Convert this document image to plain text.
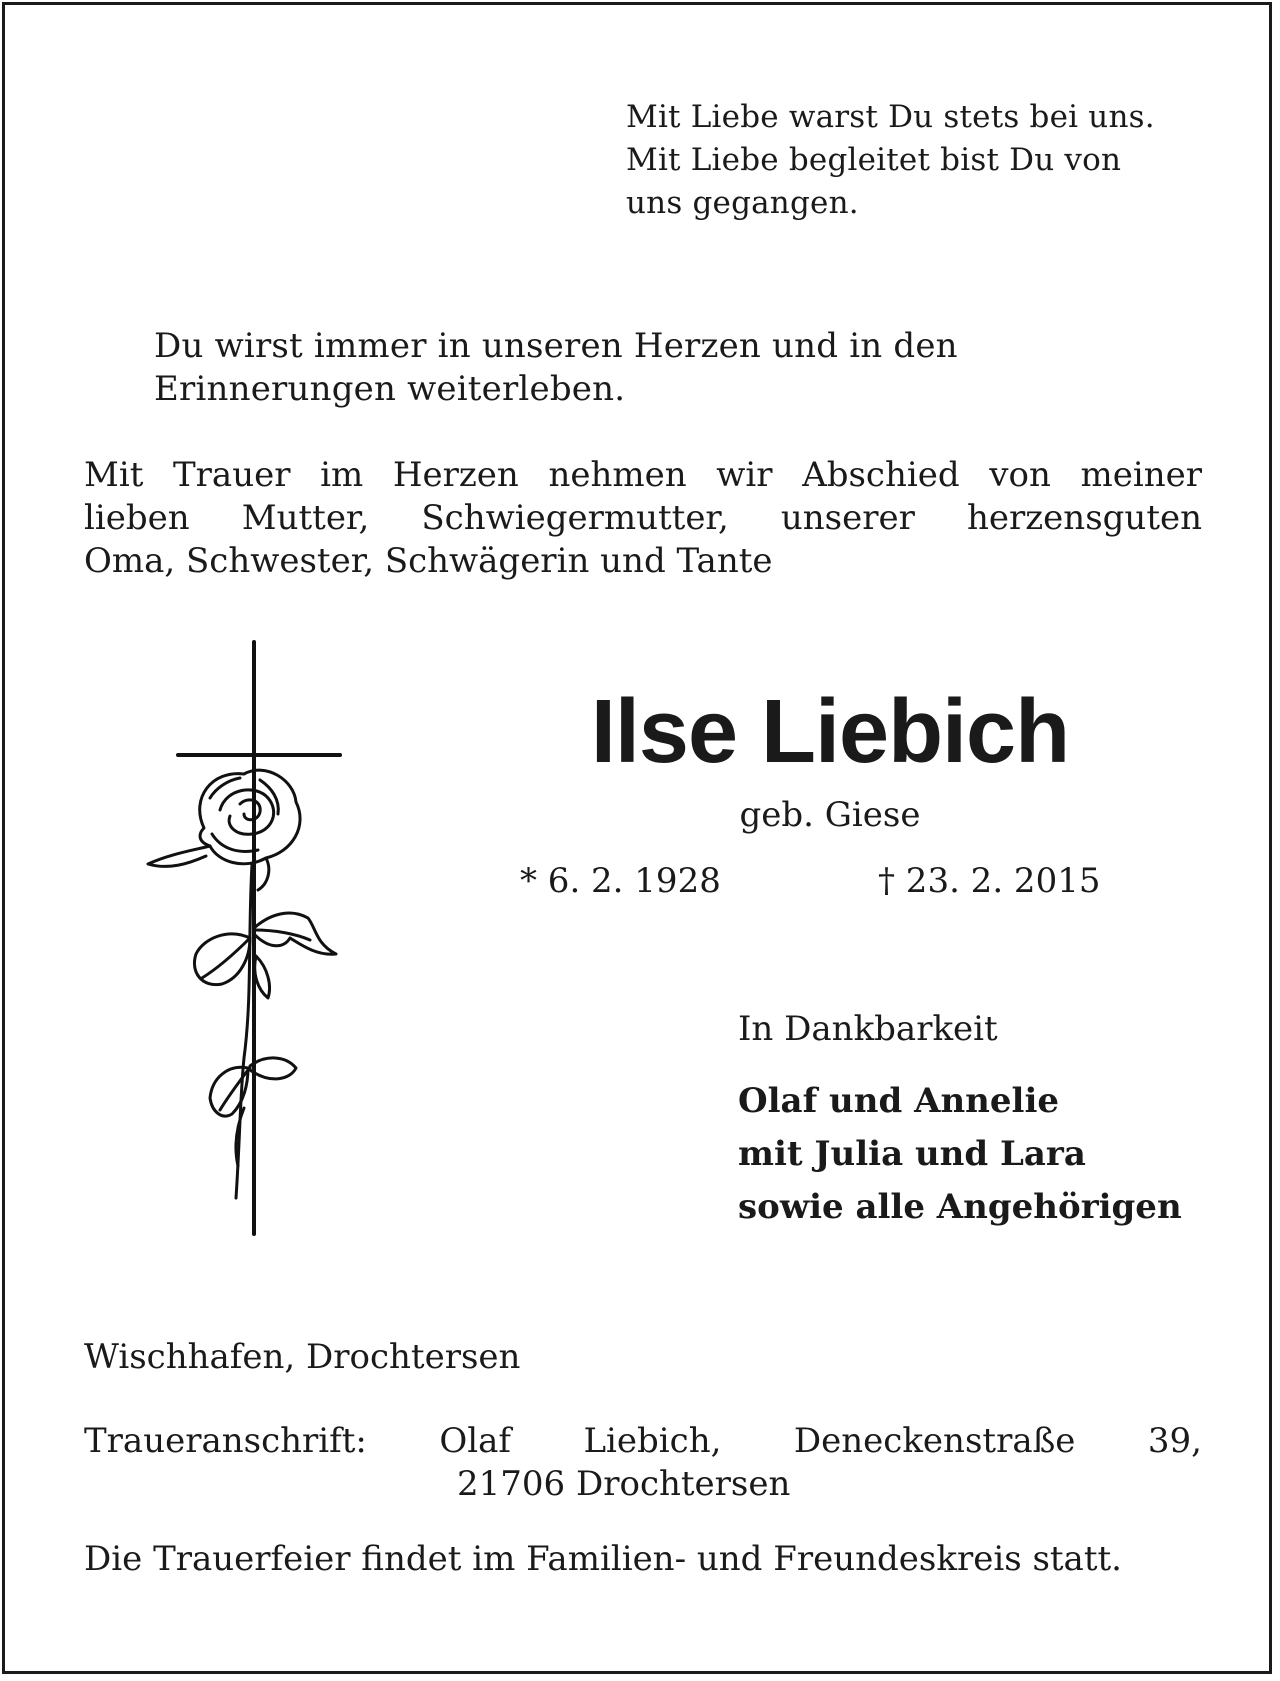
Mit Liebe warst Du stets bei uns.
Mit Liebe begleitet bist Du von
uns gegangen.
Du wirst immer in unseren Herzen und in den
Erinnerungen weiterleben.
Mit Trauer im Herzen nehmen wir Abschied von meiner
lieben Mutter, Schwiegermutter, unserer herzensguten
Oma, Schwester, Schwägerin und Tante
Ilse Liebich
geb. Giese
* 6. 2. 1928	† 23. 2. 2015
In Dankbarkeit
Olaf und Annelie
mit Julia und Lara
sowie alle Angehörigen
Wischhafen, Drochtersen
Traueranschrift: Olaf Liebich, Deneckenstraße 39,
21706 Drochtersen
Die Trauerfeier findet im Familien- und Freundeskreis statt.
